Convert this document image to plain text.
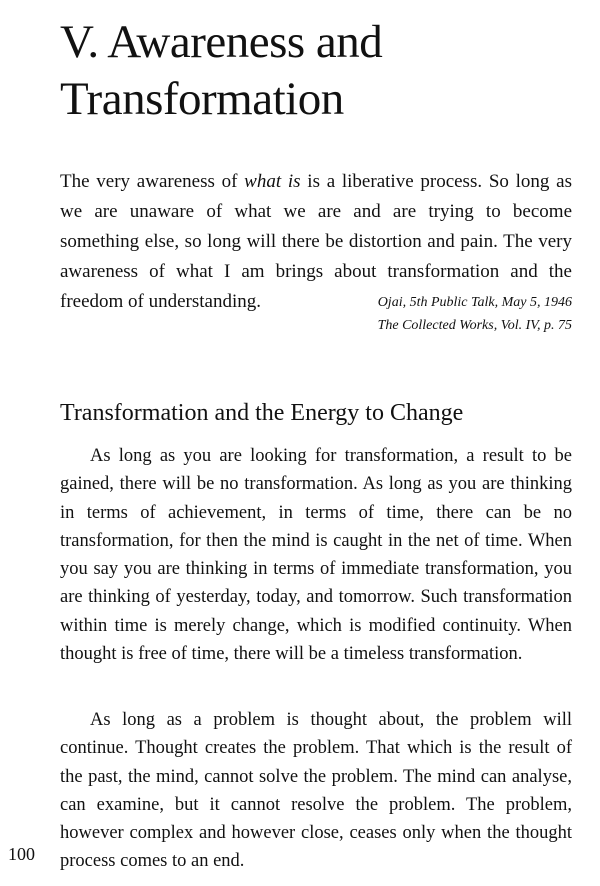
V. Awareness and Transformation

The very awareness of what is is a liberative process. So long as we are unaware of what we are and are trying to become something else, so long will there be distortion and pain. The very awareness of what I am brings about transformation and the freedom of understanding.	Ojai, 5th Public Talk, May 5, 1946
The Collected Works, Vol. IV, p. 75
Transformation and the Energy to Change

As long as you are looking for transformation, a result to be gained, there will be no transformation. As long as you are thinking in terms of achievement, in terms of time, there can be no transformation, for then the mind is caught in the net of time. When you say you are thinking in terms of immediate transformation, you are thinking of yesterday, today, and tomorrow. Such transformation within time is merely change, which is modified continuity. When thought is free of time, there will be a timeless transformation.

As long as a problem is thought about, the problem will continue. Thought creates the problem. That which is the result of the past, the mind, cannot solve the problem. The mind can analyse, can examine, but it cannot resolve the problem. The problem, however complex and however close, ceases only when the thought process comes to an end.

100
